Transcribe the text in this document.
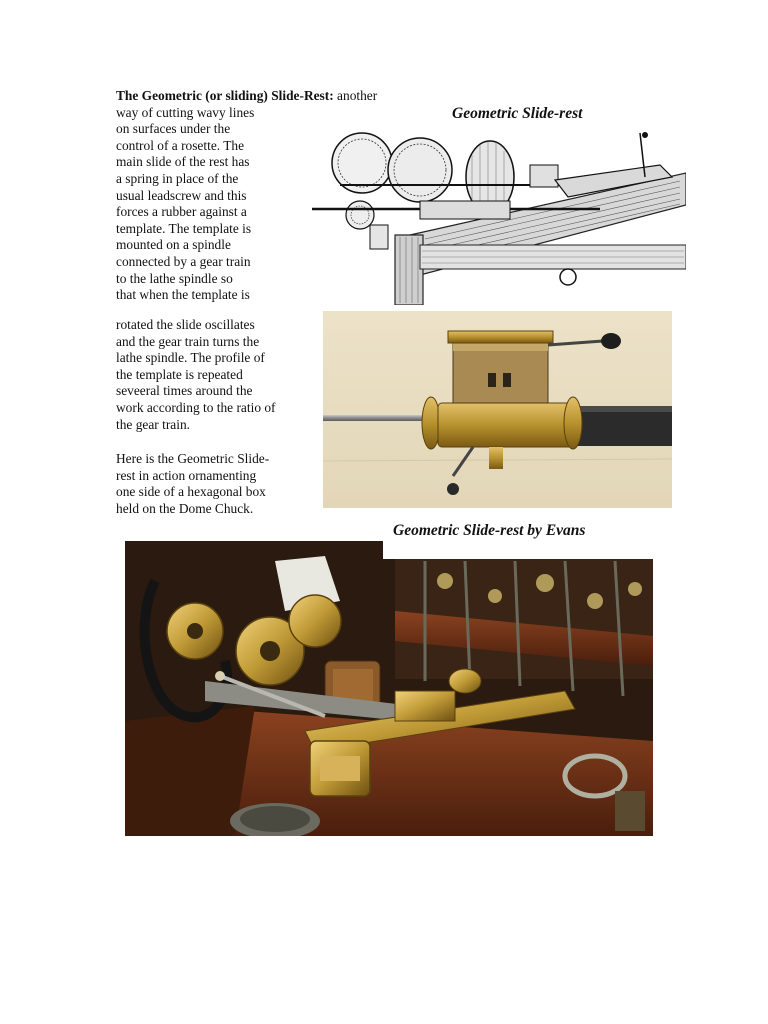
The Geometric (or sliding) Slide-Rest: another
way of cutting wavy lines
on surfaces under the
control of a rosette. The
main slide of the rest has
a spring in place of the
usual leadscrew and this
forces a rubber against a
template. The template is
mounted on a spindle
connected by a gear train
to the lathe spindle so
that when the template is
Geometric Slide-rest
rotated the slide oscillates
and the gear train turns the
lathe spindle. The profile of
the template is repeated
seveeral times around the
work according to the ratio of
the gear train.
Here is the Geometric Slide-
rest in action ornamenting
one side of a hexagonal box
held on the Dome Chuck.
Geometric Slide-rest by Evans
